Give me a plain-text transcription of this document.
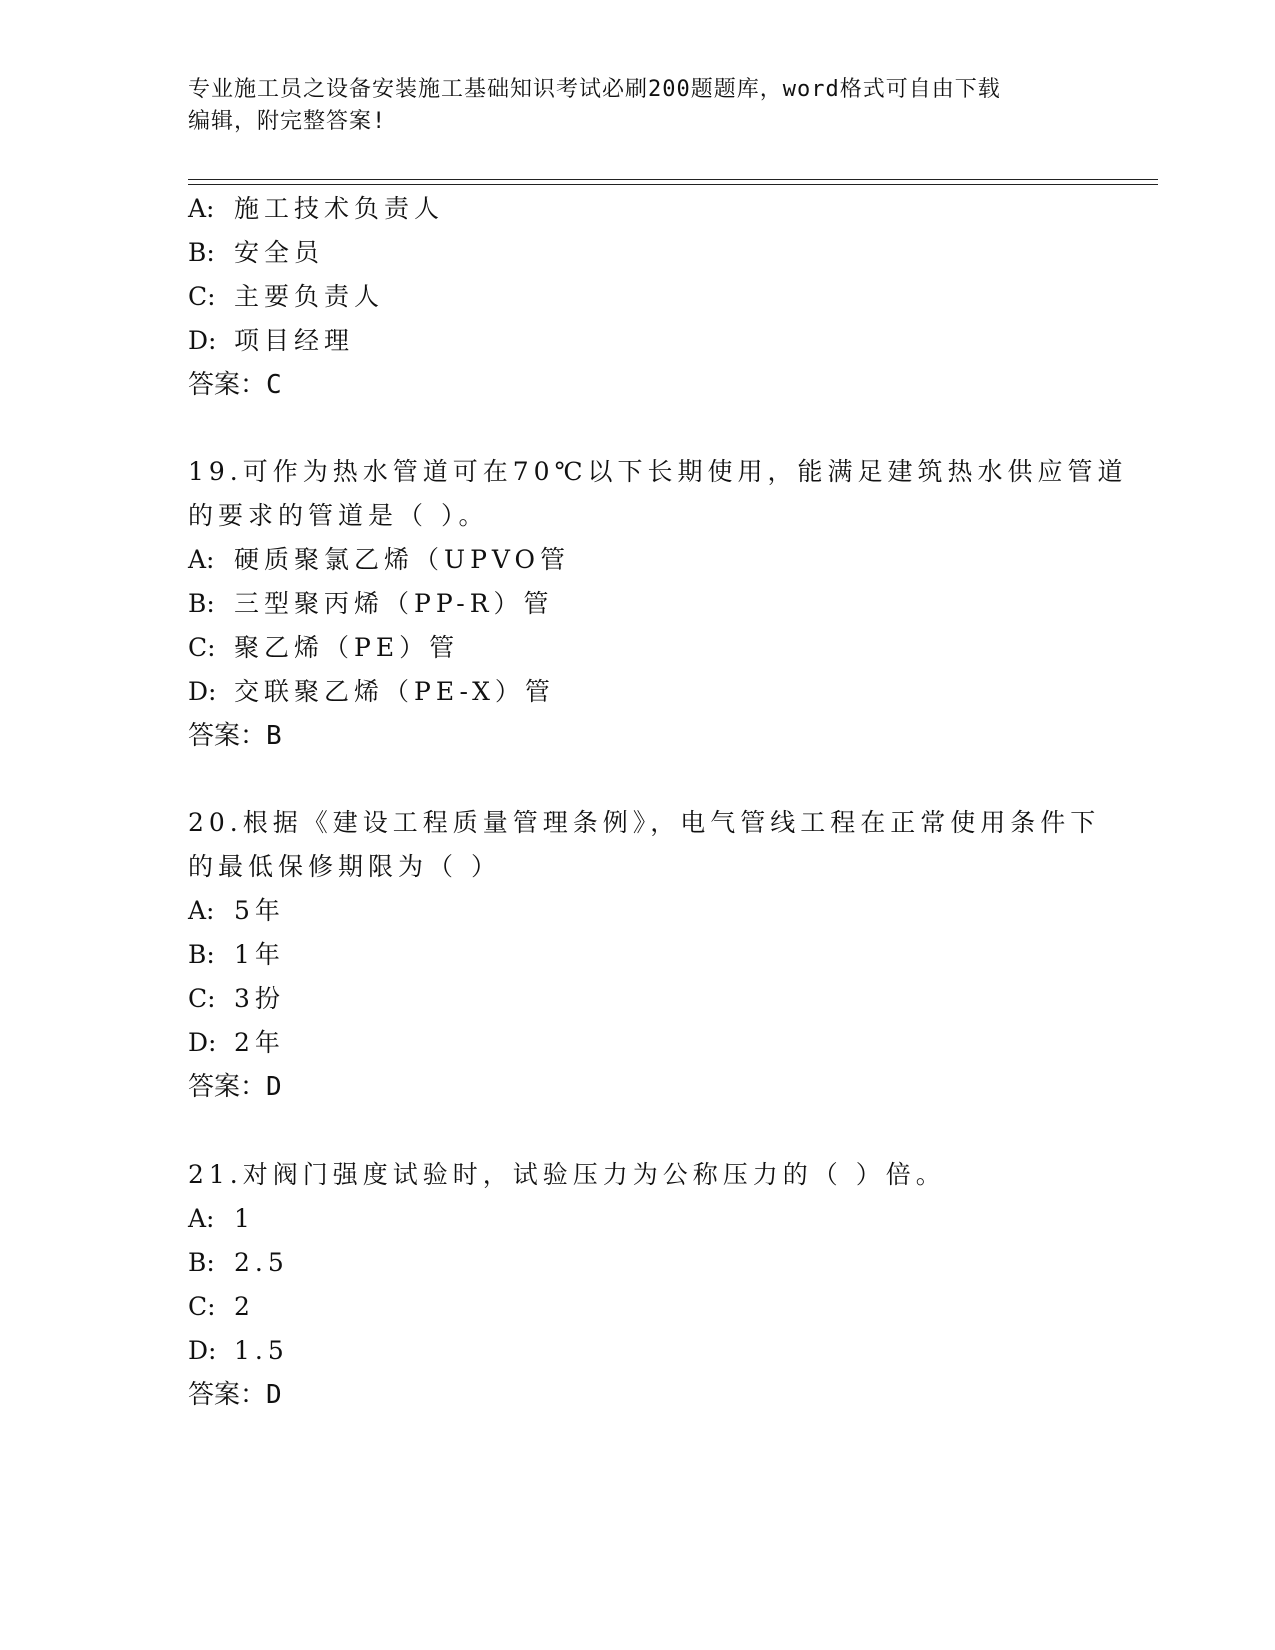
专业施工员之设备安装施工基础知识考试必刷200题题库，word格式可自由下载
编辑，附完整答案!
A: 施工技术负责人
B: 安全员
C: 主要负责人
D: 项目经理
答案：C
19.可作为热水管道可在70℃以下长期使用，能满足建筑热水供应管道
的要求的管道是（ ）。
A: 硬质聚氯乙烯（UPVO管
B: 三型聚丙烯（PP-R）管
C: 聚乙烯（PE）管
D: 交联聚乙烯（PE-X）管
答案：B
20.根据《建设工程质量管理条例》，电气管线工程在正常使用条件下
的最低保修期限为（ ）
A: 5年
B: 1年
C: 3扮
D: 2年
答案：D
21.对阀门强度试验时，试验压力为公称压力的（ ）倍。
A: 1
B: 2.5
C: 2
D: 1.5
答案：D
